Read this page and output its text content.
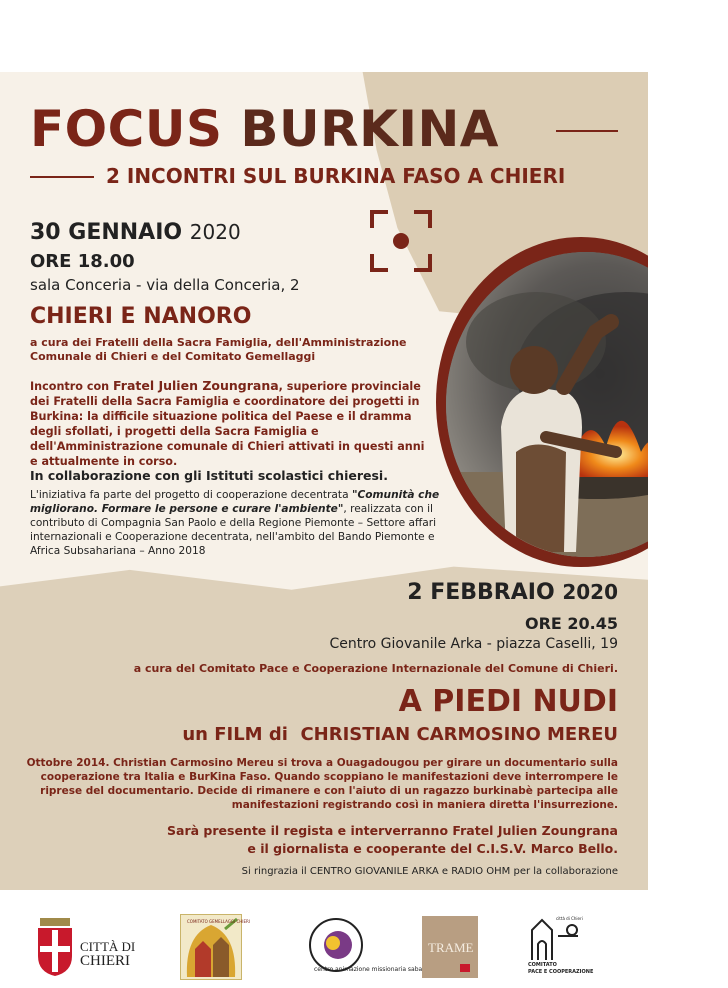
FOCUS BURKINA
2 INCONTRI SUL BURKINA FASO A CHIERI
30 GENNAIO 2020
ORE 18.00
sala Conceria - via della Conceria, 2
CHIERI E NANORO
a cura dei Fratelli della Sacra Famiglia, dell'Amministrazione
Comunale di Chieri e del Comitato Gemellaggi
Incontro con Fratel Julien Zoungrana, superiore provinciale dei Fratelli della Sacra Famiglia e coordinatore dei progetti in Burkina: la difficile situazione politica del Paese e il dramma degli sfollati, i progetti della Sacra Famiglia e dell'Amministrazione comunale di Chieri attivati in questi anni e attualmente in corso.
In collaborazione con gli Istituti scolastici chieresi.
L'iniziativa fa parte del progetto di cooperazione decentrata "Comunità che migliorano. Formare le persone e curare l'ambiente", realizzata con il contributo di Compagnia San Paolo e della Regione Piemonte – Settore affari internazionali e Cooperazione decentrata, nell'ambito del Bando Piemonte e Africa Subsahariana – Anno 2018
2 FEBBRAIO 2020
ORE 20.45
Centro Giovanile Arka - piazza Caselli, 19
a cura del Comitato Pace e Cooperazione Internazionale del Comune di Chieri.
A PIEDI NUDI
un FILM di CHRISTIAN CARMOSINO MEREU
Ottobre 2014. Christian Carmosino Mereu si trova a Ouagadougou per girare un documentario sulla
cooperazione tra Italia e BurKina Faso. Quando scoppiano le manifestazioni deve interrompere le
riprese del documentario. Decide di rimanere e con l'aiuto di un ragazzo burkinabè partecipa alle
manifestazioni registrando così in maniera diretta l'insurrezione.
Sarà presente il regista e interverranno Fratel Julien Zoungrana
e il giornalista e cooperante del C.I.S.V. Marco Bello.
Si ringrazia il CENTRO GIOVANILE ARKA e RADIO OHM per la collaborazione
CITTÀ DI
CHIERI
COMITATO GEMELLAGGI CHIERI
centro animazione missionaria saba
TRAME
città di Chieri
COMITATO
PACE E COOPERAZIONE
